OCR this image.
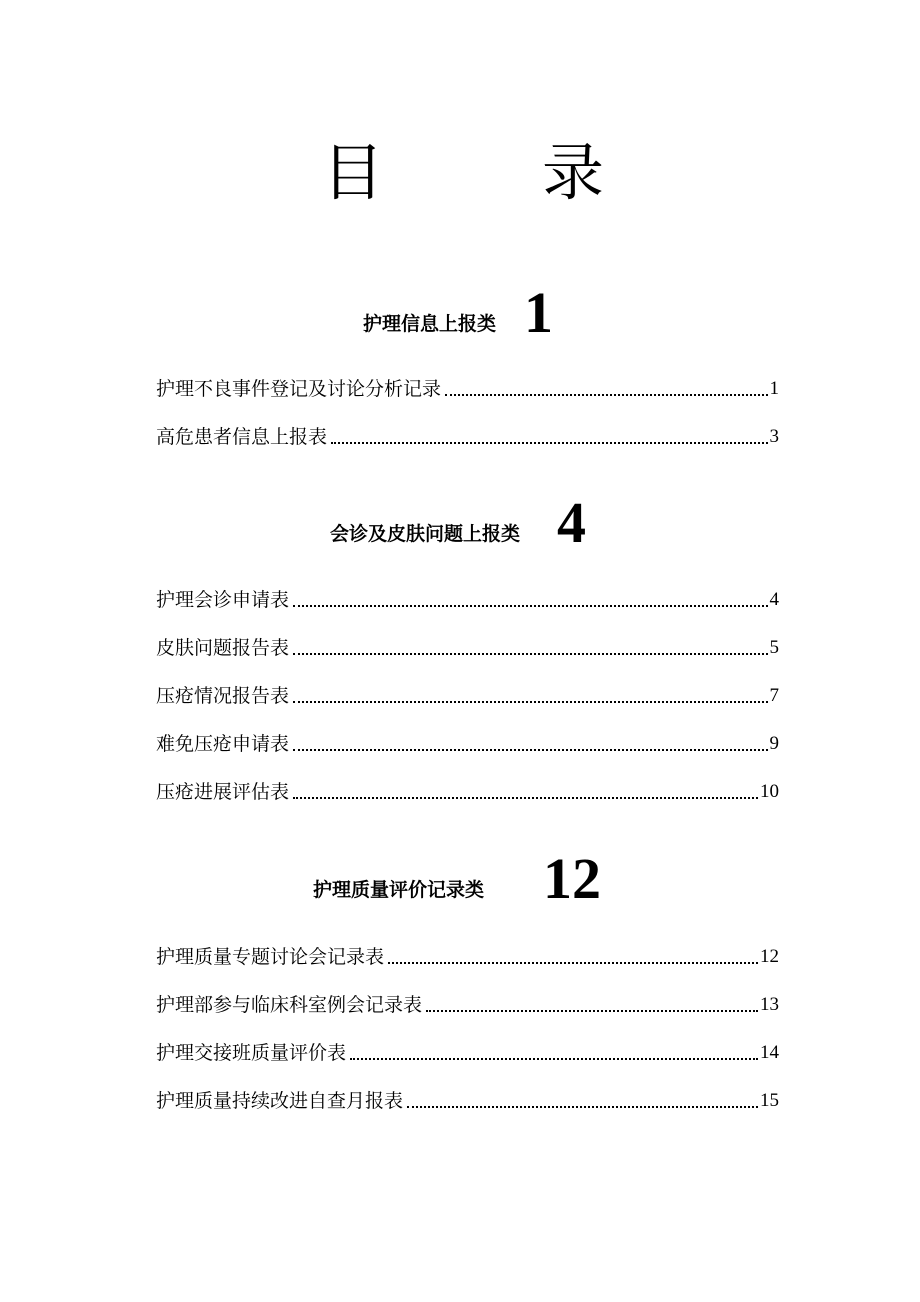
目	录
护理信息上报类 1
护理不良事件登记及讨论分析记录	1
高危患者信息上报表	3
会诊及皮肤问题上报类 4
护理会诊申请表	4
皮肤问题报告表	5
压疮情况报告表	7
难免压疮申请表	9
压疮进展评估表	10
护理质量评价记录类 12
护理质量专题讨论会记录表	12
护理部参与临床科室例会记录表	13
护理交接班质量评价表	14
护理质量持续改进自查月报表	15
